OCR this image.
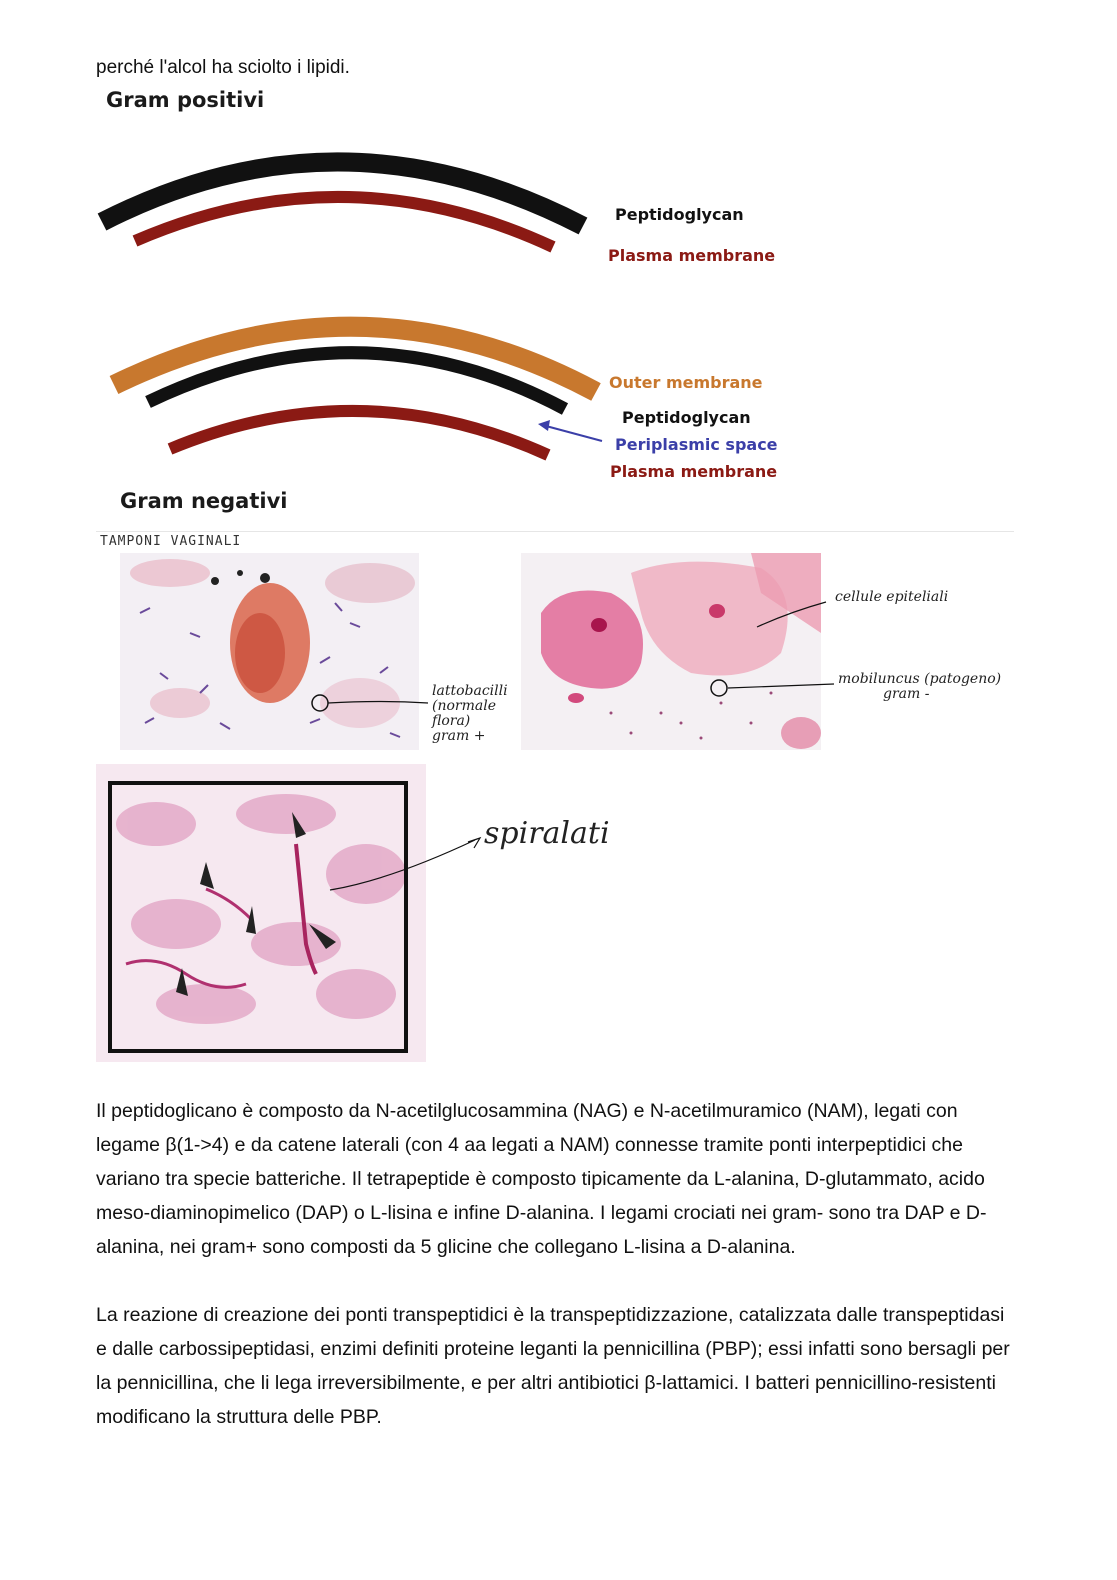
perché l'alcol ha sciolto i lipidi.
Gram positivi
Peptidoglycan
Plasma membrane
Outer membrane
Peptidoglycan
Periplasmic space
Plasma membrane
Gram negativi
TAMPONI VAGINALI
lattobacilli
(normale
flora)
gram +
cellule epiteliali
mobiluncus (patogeno)
gram -
spiralati
Il peptidoglicano è composto da N-acetilglucosammina (NAG) e N-acetilmuramico (NAM), legati con legame β(1->4) e da catene laterali (con 4 aa legati a NAM) connesse tramite ponti interpeptidici che variano tra specie batteriche. Il tetrapeptide è composto tipicamente da L-alanina, D-glutammato, acido meso-diaminopimelico (DAP) o L-lisina e infine D-alanina. I legami crociati nei gram- sono tra DAP e D-alanina, nei gram+ sono composti da 5 glicine che collegano L-lisina a D-alanina.
La reazione di creazione dei ponti transpeptidici è la transpeptidizzazione, catalizzata dalle transpeptidasi e dalle carbossipeptidasi, enzimi definiti proteine leganti la pennicillina (PBP); essi infatti sono bersagli per la pennicillina, che li lega irreversibilmente, e per altri antibiotici β-lattamici. I batteri pennicillino-resistenti modificano la struttura delle PBP.
